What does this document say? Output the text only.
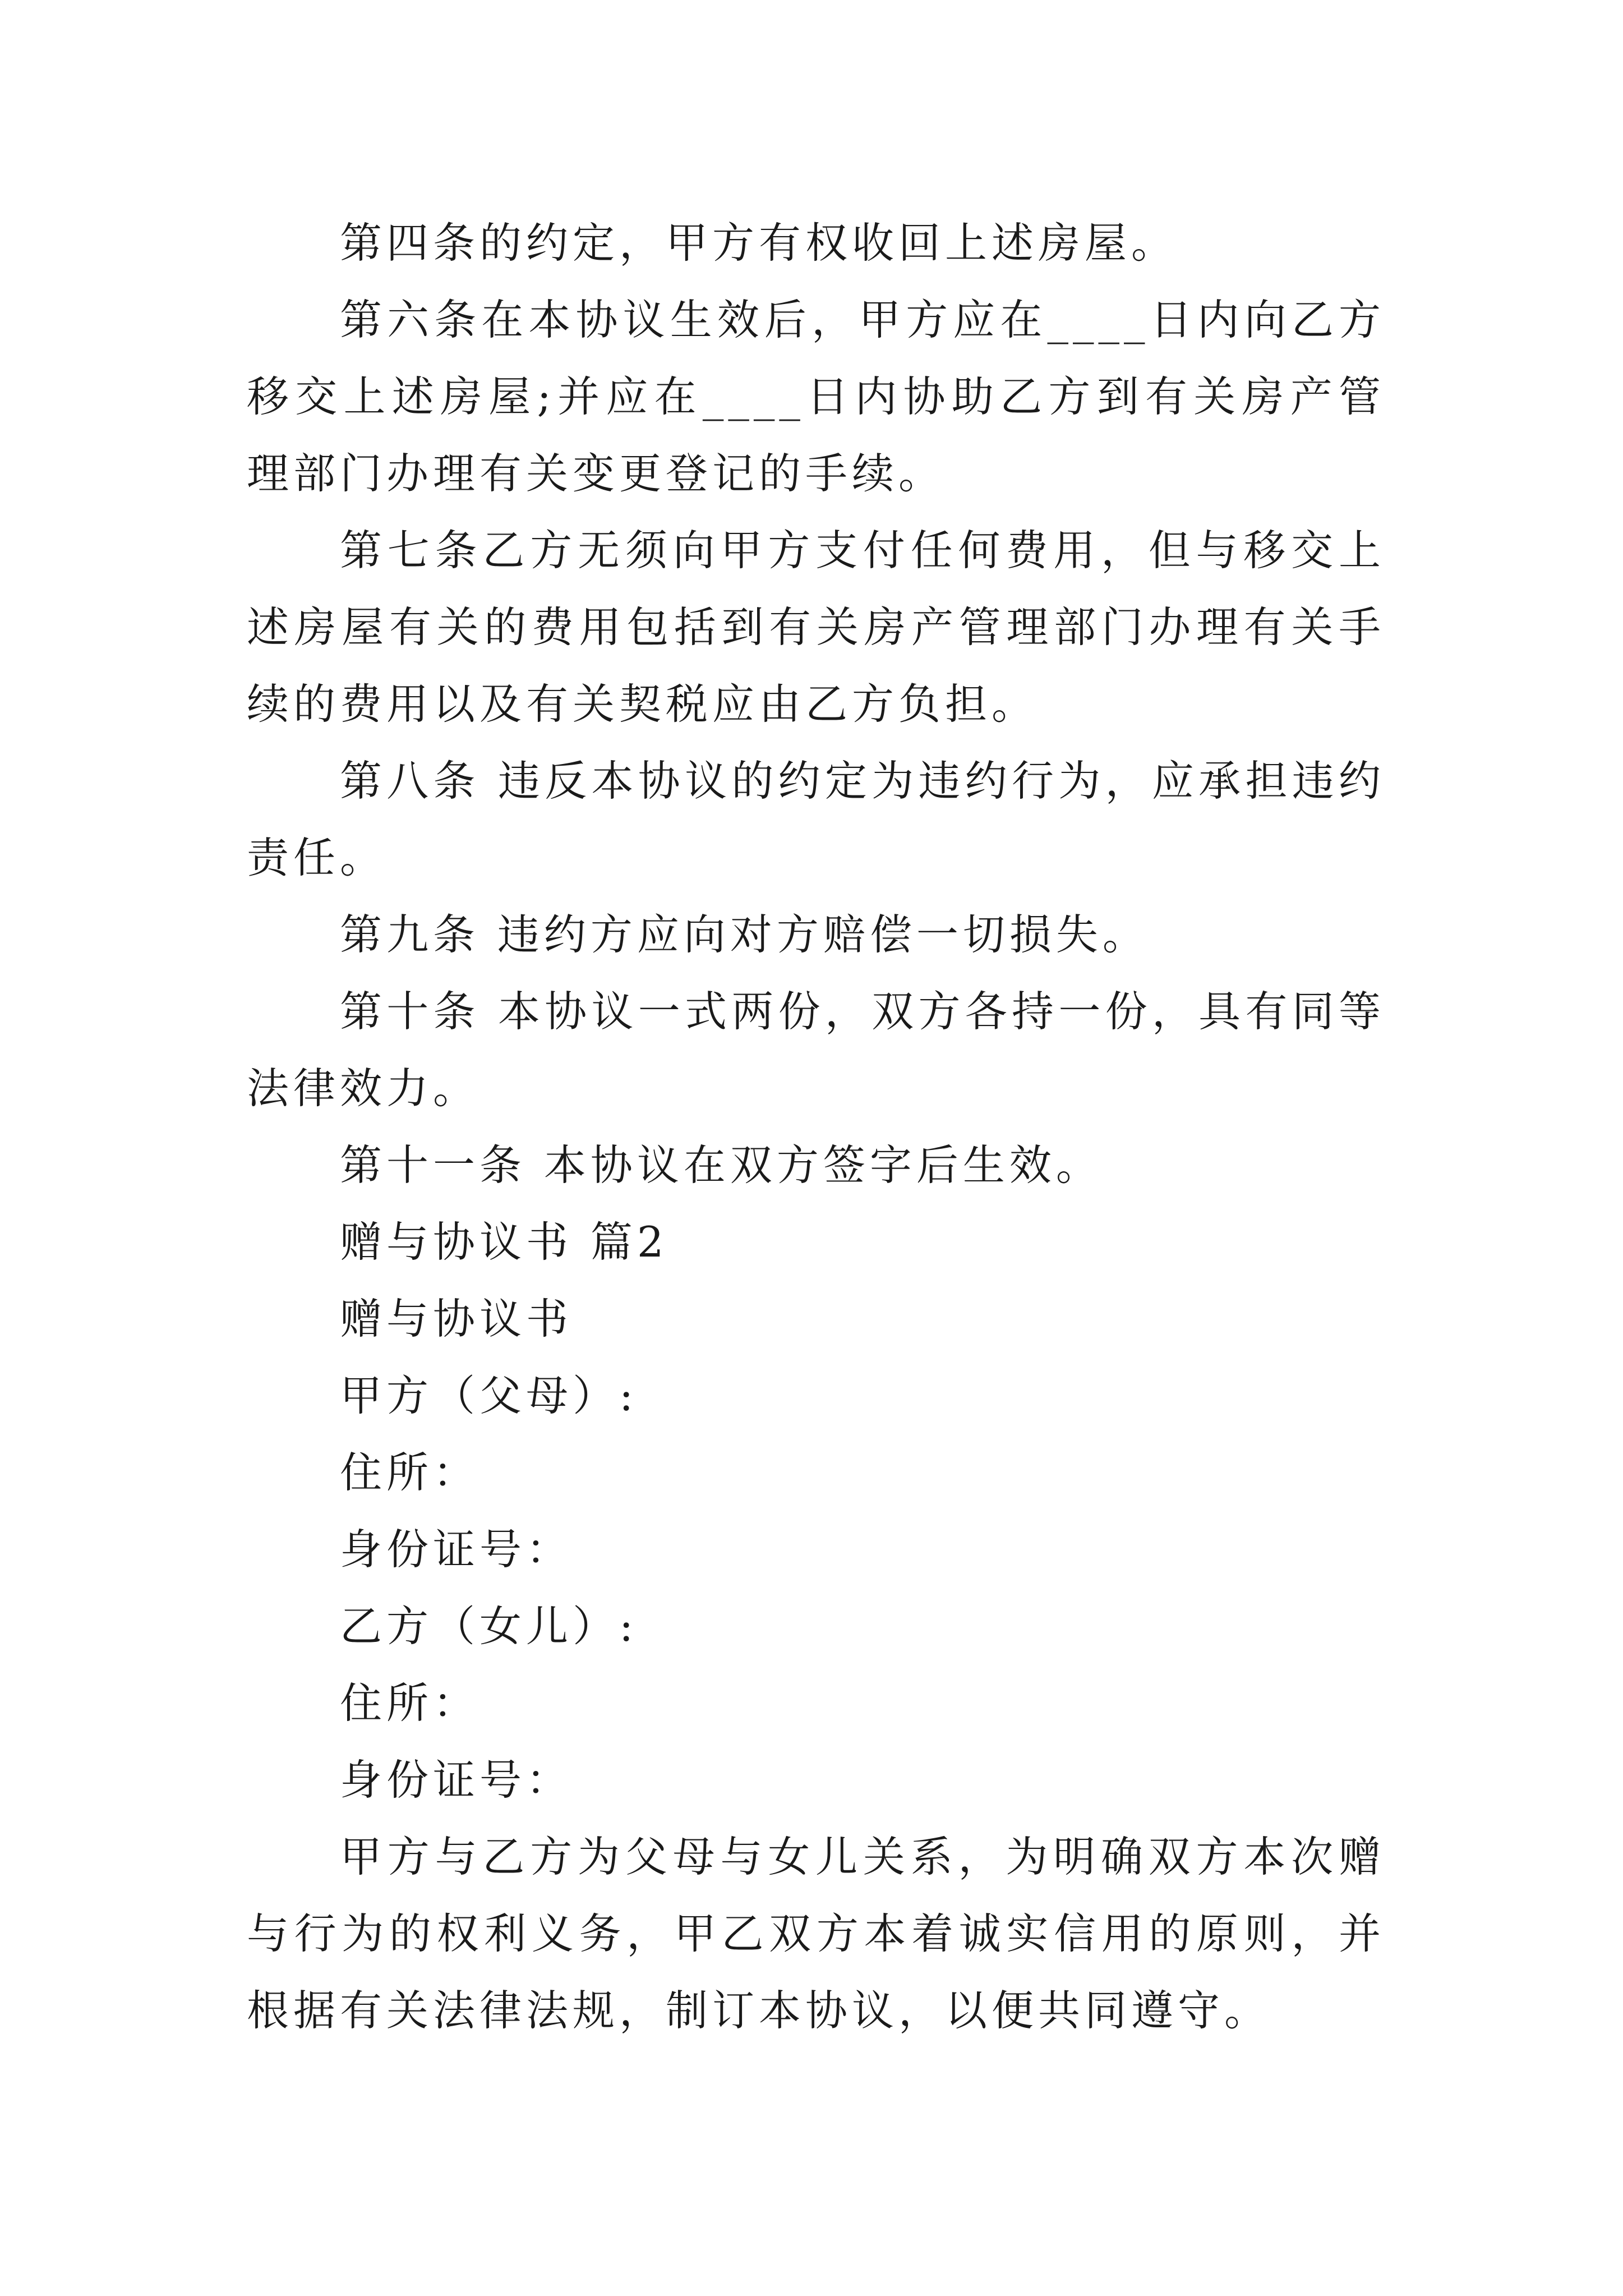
第四条的约定，甲方有权收回上述房屋。

第六条在本协议生效后，甲方应在____日内向乙方移交上述房屋;并应在____日内协助乙方到有关房产管理部门办理有关变更登记的手续。

第七条乙方无须向甲方支付任何费用，但与移交上述房屋有关的费用包括到有关房产管理部门办理有关手续的费用以及有关契税应由乙方负担。

第八条 违反本协议的约定为违约行为，应承担违约责任。

第九条 违约方应向对方赔偿一切损失。

第十条 本协议一式两份，双方各持一份，具有同等法律效力。

第十一条 本协议在双方签字后生效。

赠与协议书 篇2

赠与协议书

甲方（父母）:

住所：

身份证号：

乙方（女儿）:

住所：

身份证号：

甲方与乙方为父母与女儿关系，为明确双方本次赠与行为的权利义务，甲乙双方本着诚实信用的原则，并根据有关法律法规，制订本协议，以便共同遵守。
